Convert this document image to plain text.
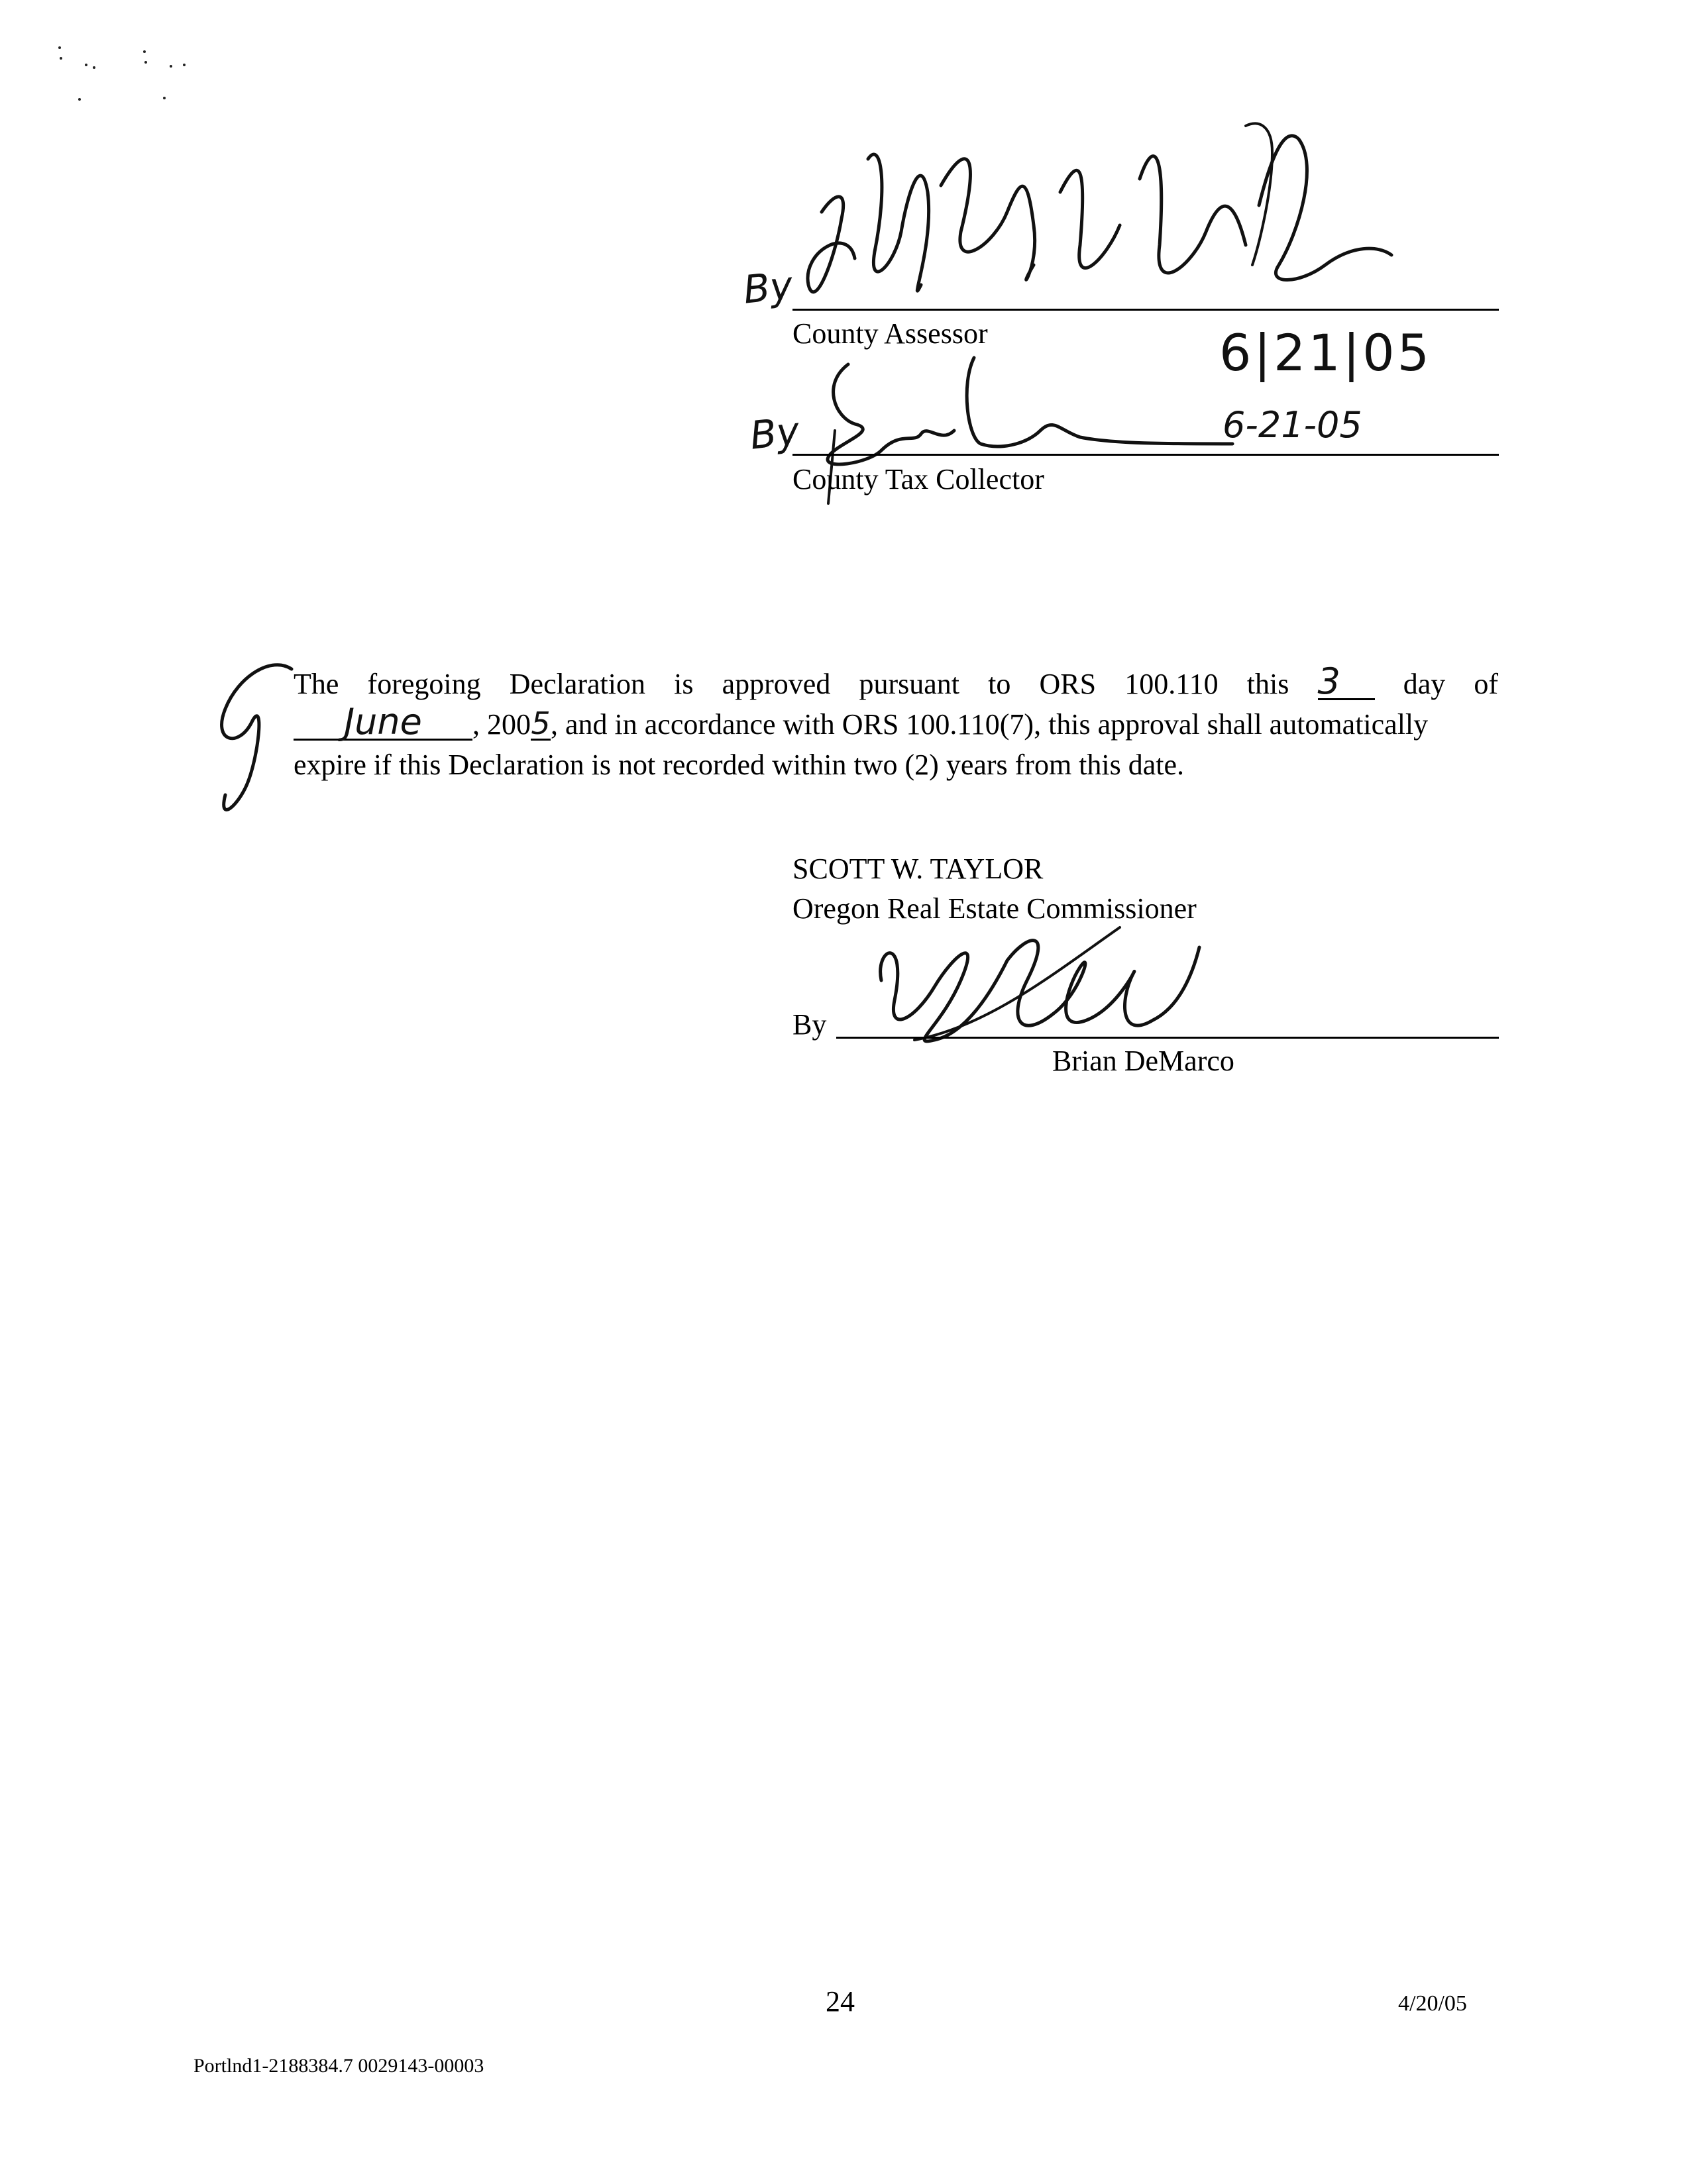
By
County Assessor	6|21|05
By	6-21-05
County Tax Collector
The foregoing Declaration is approved pursuant to ORS 100.110 this 3 day of
June , 2005, and in accordance with ORS 100.110(7), this approval shall automatically
expire if this Declaration is not recorded within two (2) years from this date.
SCOTT W. TAYLOR
Oregon Real Estate Commissioner
By
Brian DeMarco
24	4/20/05
Portlnd1-2188384.7 0029143-00003
